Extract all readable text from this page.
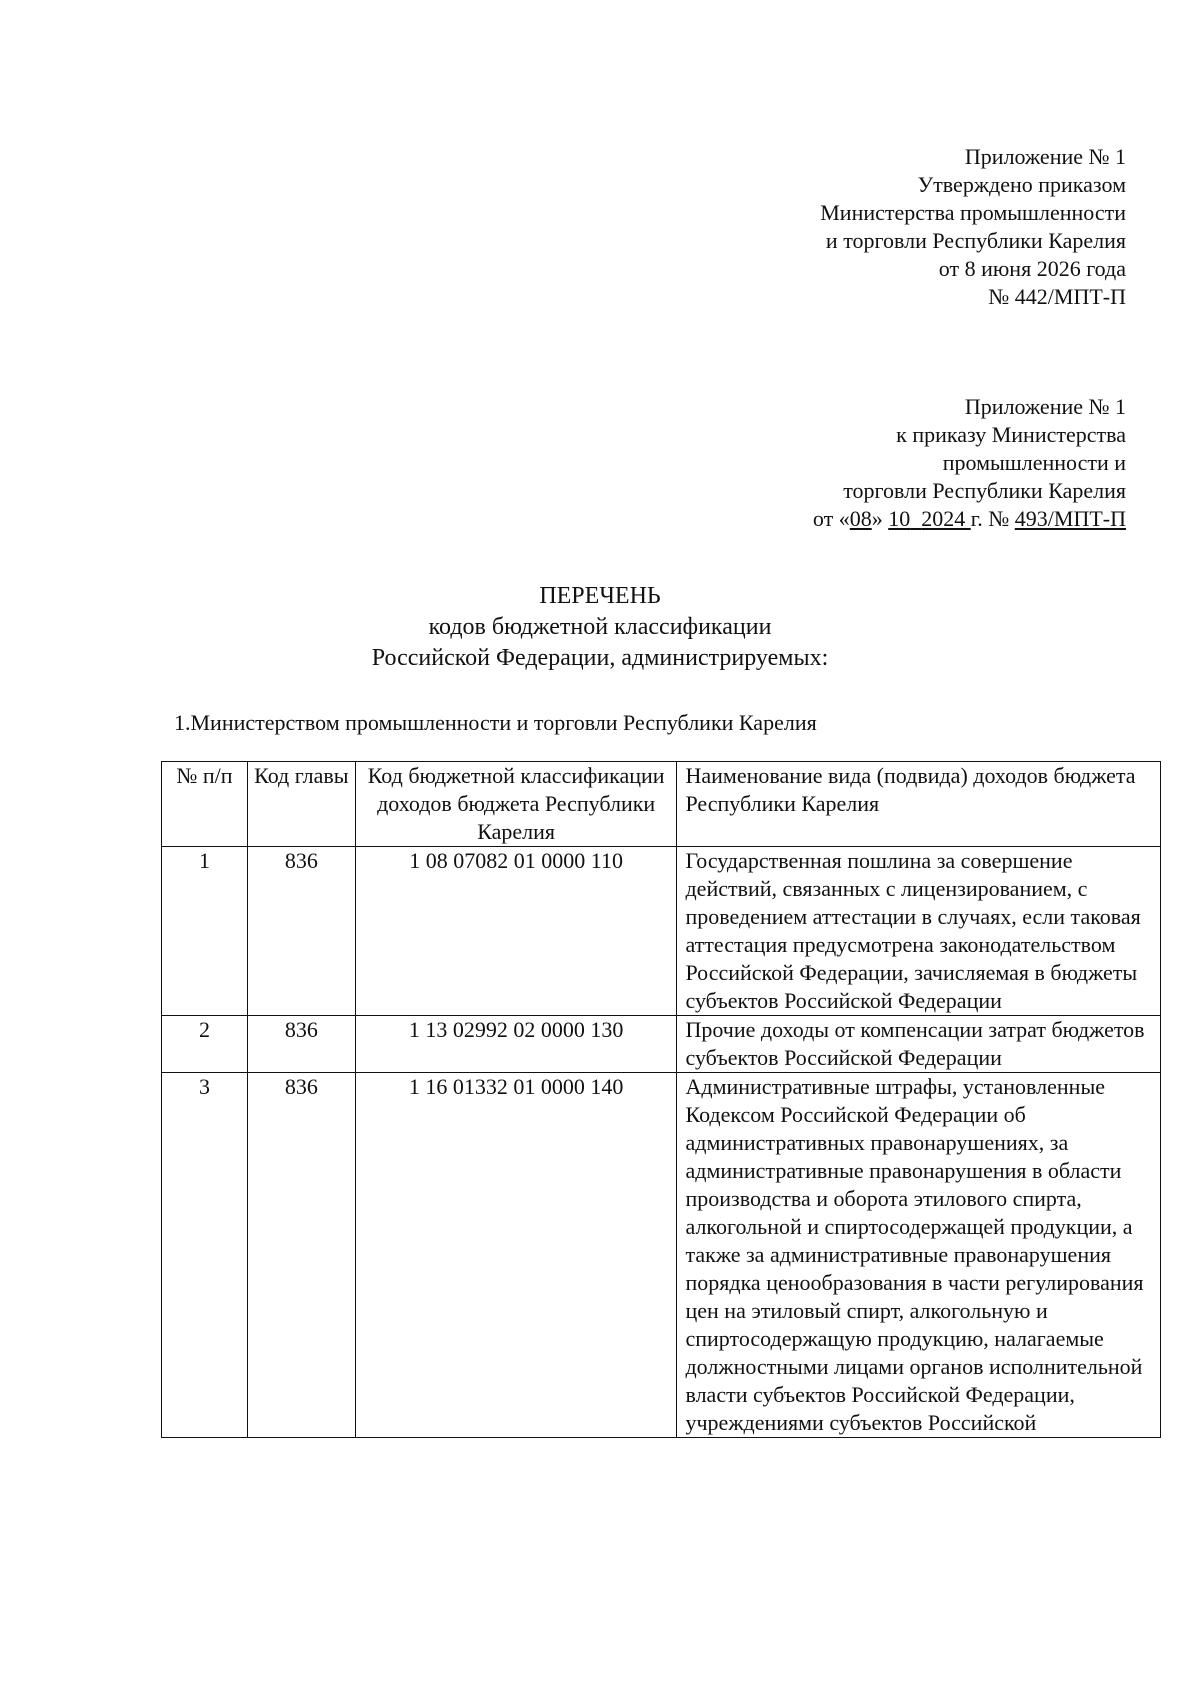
Приложение № 1
Утверждено приказом
Министерства промышленности
и торговли Республики Карелия
от 8 июня 2026 года
№ 442/МПТ-П
Приложение № 1
к приказу Министерства
промышленности и
торговли Республики Карелия
от «08» 10 2024 г. № 493/МПТ-П
ПЕРЕЧЕНЬ
кодов бюджетной классификации
Российской Федерации, администрируемых:
1.Министерством промышленности и торговли Республики Карелия
№ п/п	Код главы	Код бюджетной классификации доходов бюджета Республики Карелия	Наименование вида (подвида) доходов бюджета Республики Карелия
1	836	1 08 07082 01 0000 110	Государственная пошлина за совершение действий, связанных с лицензированием, с проведением аттестации в случаях, если таковая аттестация предусмотрена законодательством Российской Федерации, зачисляемая в бюджеты субъектов Российской Федерации
2	836	1 13 02992 02 0000 130	Прочие доходы от компенсации затрат бюджетов субъектов Российской Федерации
3	836	1 16 01332 01 0000 140	Административные штрафы, установленные Кодексом Российской Федерации об административных правонарушениях, за административные правонарушения в области производства и оборота этилового спирта, алкогольной и спиртосодержащей продукции, а также за административные правонарушения порядка ценообразования в части регулирования цен на этиловый спирт, алкогольную и спиртосодержащую продукцию, налагаемые должностными лицами органов исполнительной власти субъектов Российской Федерации, учреждениями субъектов Российской
